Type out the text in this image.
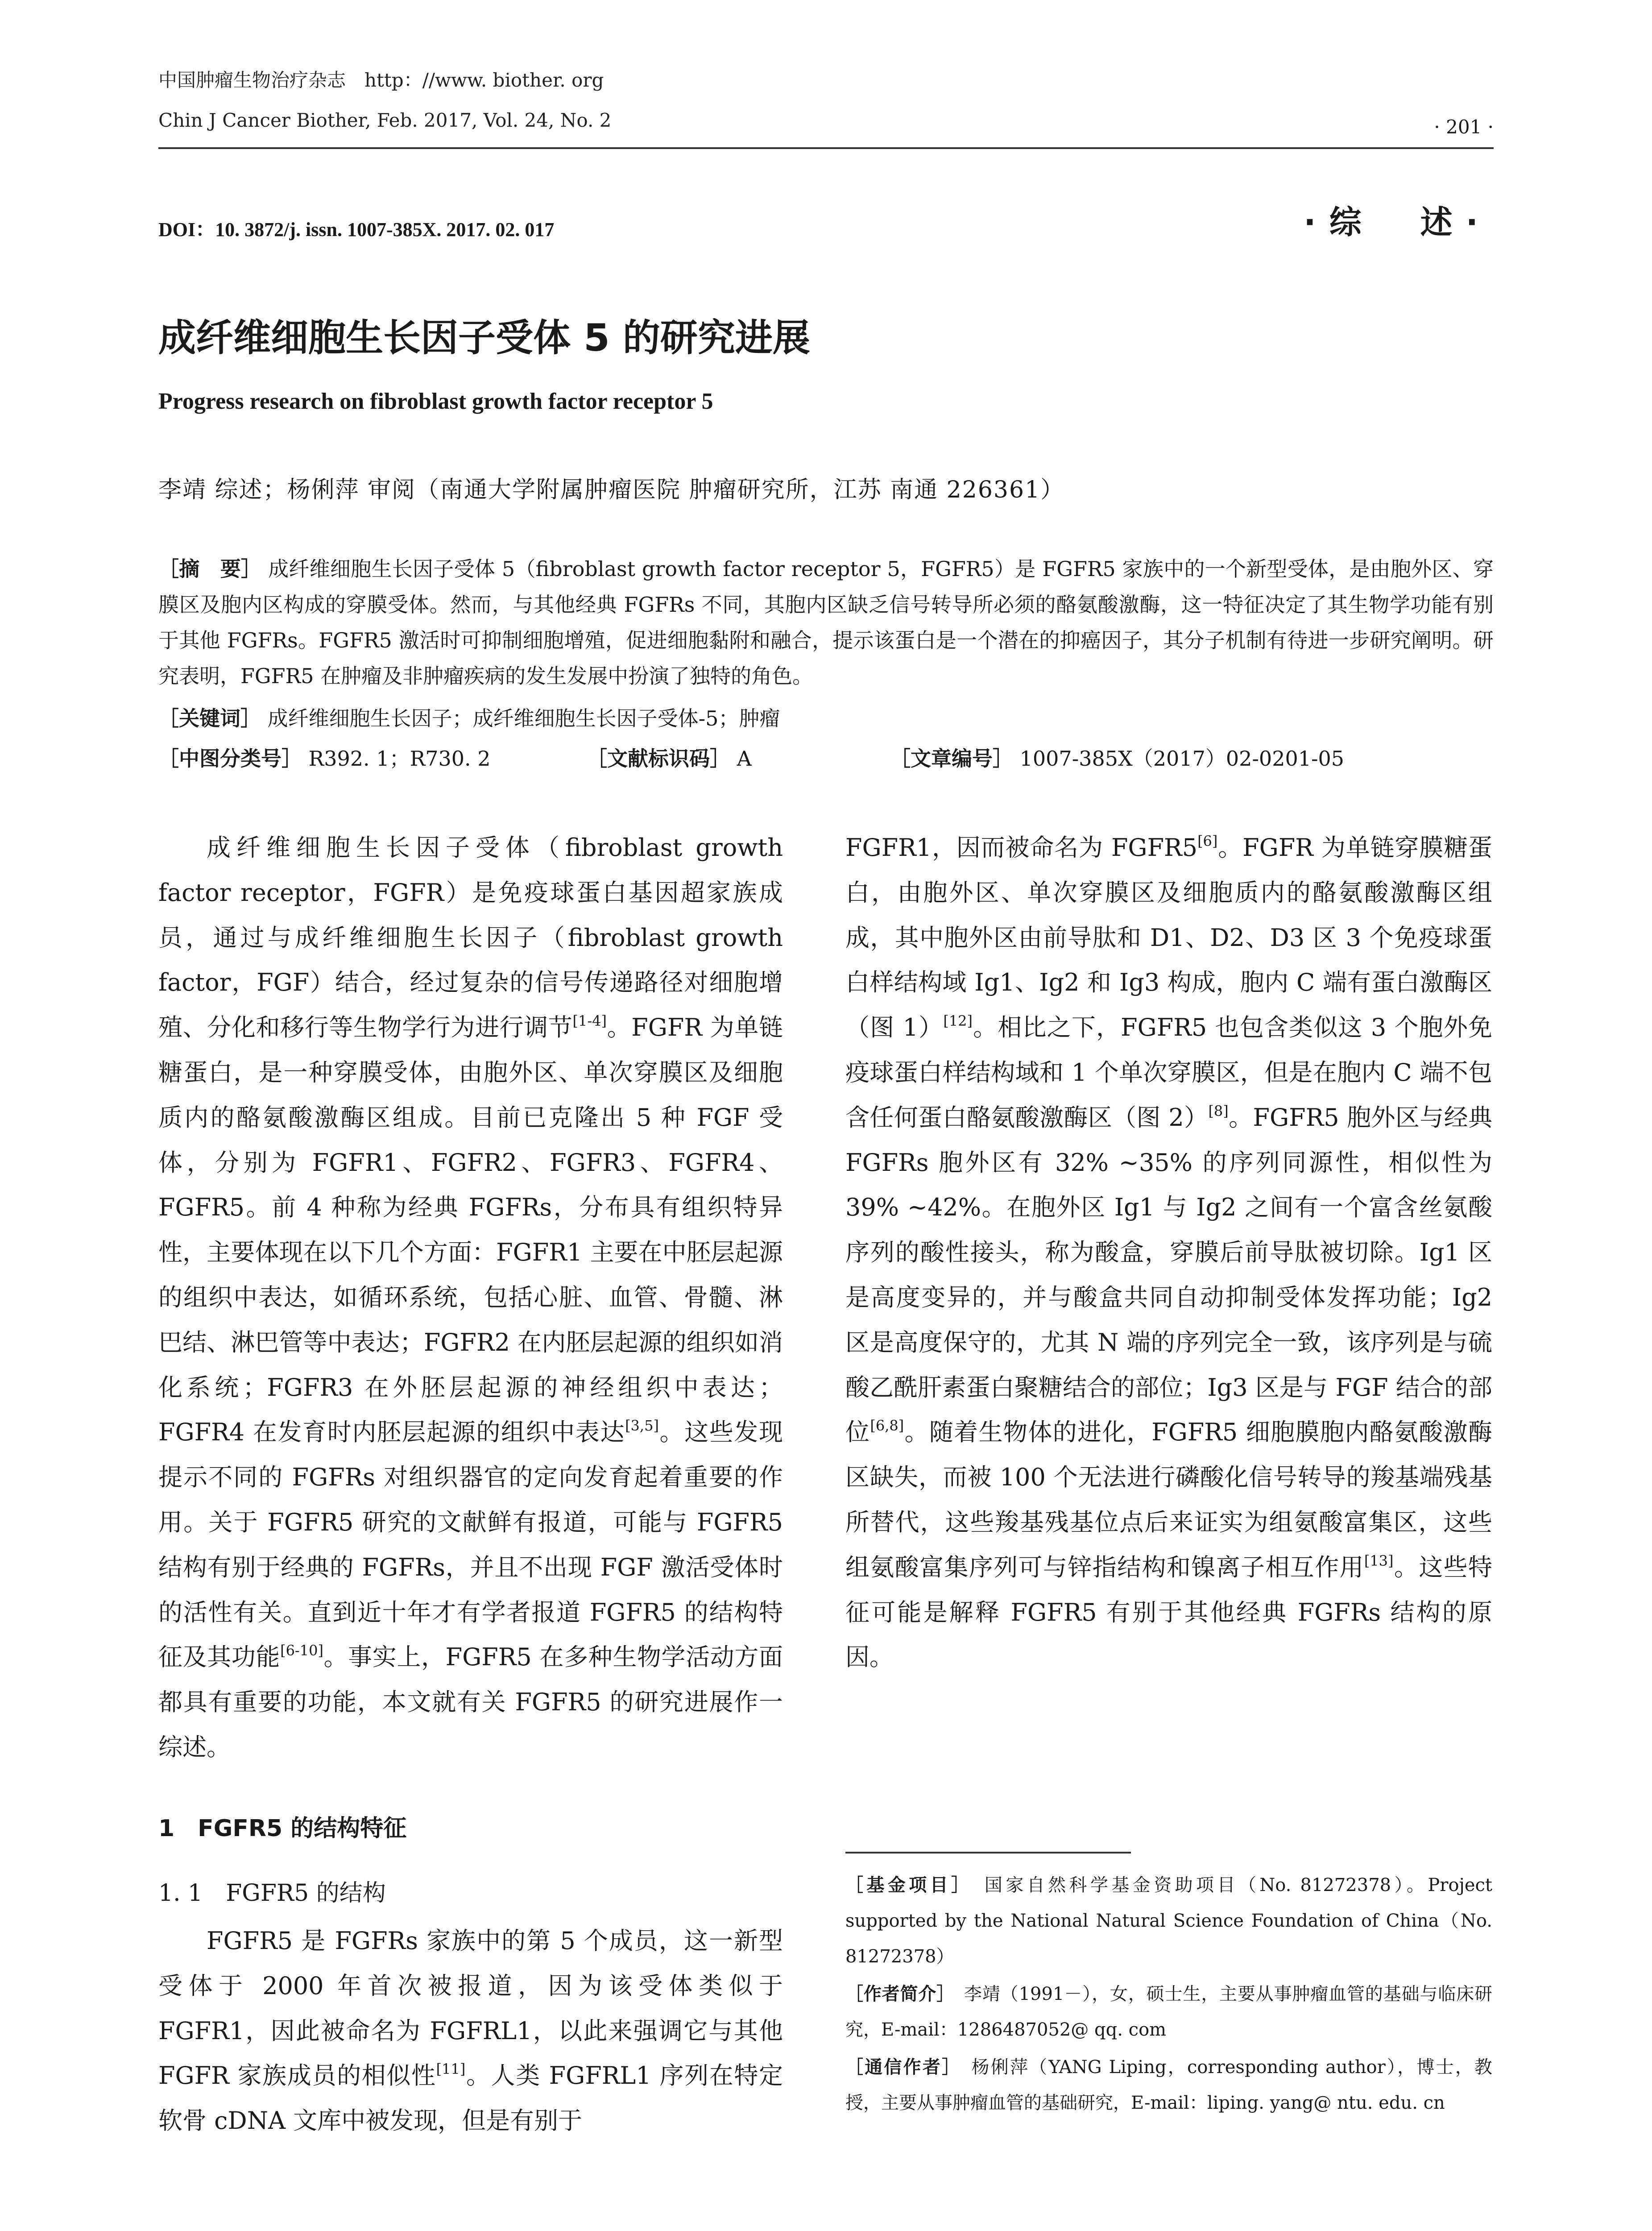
中国肿瘤生物治疗杂志　http：//www. biother. org
Chin J Cancer Biother, Feb. 2017, Vol. 24, No. 2	· 201 ·
DOI：10. 3872/j. issn. 1007-385X. 2017. 02. 017	·综　述·
成纤维细胞生长因子受体 5 的研究进展
Progress research on fibroblast growth factor receptor 5
李靖 综述；杨俐萍 审阅（南通大学附属肿瘤医院 肿瘤研究所，江苏 南通 226361）
［摘　要］ 成纤维细胞生长因子受体 5（fibroblast growth factor receptor 5，FGFR5）是 FGFR5 家族中的一个新型受体，是由胞外区、穿膜区及胞内区构成的穿膜受体。然而，与其他经典 FGFRs 不同，其胞内区缺乏信号转导所必须的酪氨酸激酶，这一特征决定了其生物学功能有别于其他 FGFRs。FGFR5 激活时可抑制细胞增殖，促进细胞黏附和融合，提示该蛋白是一个潜在的抑癌因子，其分子机制有待进一步研究阐明。研究表明，FGFR5 在肿瘤及非肿瘤疾病的发生发展中扮演了独特的角色。
［关键词］ 成纤维细胞生长因子；成纤维细胞生长因子受体-5；肿瘤
［中图分类号］ R392. 1；R730. 2	［文献标识码］ A	［文章编号］ 1007-385X（2017）02-0201-05

成纤维细胞生长因子受体（fibroblast growth factor receptor，FGFR）是免疫球蛋白基因超家族成员，通过与成纤维细胞生长因子（fibroblast growth factor，FGF）结合，经过复杂的信号传递路径对细胞增殖、分化和移行等生物学行为进行调节[1-4]。FGFR 为单链糖蛋白，是一种穿膜受体，由胞外区、单次穿膜区及细胞质内的酪氨酸激酶区组成。目前已克隆出 5 种 FGF 受体，分别为 FGFR1、FGFR2、FGFR3、FGFR4、FGFR5。前 4 种称为经典 FGFRs，分布具有组织特异性，主要体现在以下几个方面：FGFR1 主要在中胚层起源的组织中表达，如循环系统，包括心脏、血管、骨髓、淋巴结、淋巴管等中表达；FGFR2 在内胚层起源的组织如消化系统；FGFR3 在外胚层起源的神经组织中表达；FGFR4 在发育时内胚层起源的组织中表达[3,5]。这些发现提示不同的 FGFRs 对组织器官的定向发育起着重要的作用。关于 FGFR5 研究的文献鲜有报道，可能与 FGFR5 结构有别于经典的 FGFRs，并且不出现 FGF 激活受体时的活性有关。直到近十年才有学者报道 FGFR5 的结构特征及其功能[6-10]。事实上，FGFR5 在多种生物学活动方面都具有重要的功能，本文就有关 FGFR5 的研究进展作一综述。

1　FGFR5 的结构特征
1. 1　FGFR5 的结构

FGFR5 是 FGFRs 家族中的第 5 个成员，这一新型受体于 2000 年首次被报道，因为该受体类似于 FGFR1，因此被命名为 FGFRL1，以此来强调它与其他 FGFR 家族成员的相似性[11]。人类 FGFRL1 序列在特定软骨 cDNA 文库中被发现，但是有别于

FGFR1，因而被命名为 FGFR5[6]。FGFR 为单链穿膜糖蛋白，由胞外区、单次穿膜区及细胞质内的酪氨酸激酶区组成，其中胞外区由前导肽和 D1、D2、D3 区 3 个免疫球蛋白样结构域 Ig1、Ig2 和 Ig3 构成，胞内 C 端有蛋白激酶区（图 1）[12]。相比之下，FGFR5 也包含类似这 3 个胞外免疫球蛋白样结构域和 1 个单次穿膜区，但是在胞内 C 端不包含任何蛋白酪氨酸激酶区（图 2）[8]。FGFR5 胞外区与经典 FGFRs 胞外区有 32% ~35% 的序列同源性，相似性为 39% ~42%。在胞外区 Ig1 与 Ig2 之间有一个富含丝氨酸序列的酸性接头，称为酸盒，穿膜后前导肽被切除。Ig1 区是高度变异的，并与酸盒共同自动抑制受体发挥功能；Ig2 区是高度保守的，尤其 N 端的序列完全一致，该序列是与硫酸乙酰肝素蛋白聚糖结合的部位；Ig3 区是与 FGF 结合的部位[6,8]。随着生物体的进化，FGFR5 细胞膜胞内酪氨酸激酶区缺失，而被 100 个无法进行磷酸化信号转导的羧基端残基所替代，这些羧基残基位点后来证实为组氨酸富集区，这些组氨酸富集序列可与锌指结构和镍离子相互作用[13]。这些特征可能是解释 FGFR5 有别于其他经典 FGFRs 结构的原因。

［基金项目］　 国家自然科学基金资助项目（No. 81272378）。Project supported by the National Natural Science Foundation of China（No. 81272378）

［作者简介］　 李靖（1991－），女，硕士生，主要从事肿瘤血管的基础与临床研究，E-mail：1286487052@ qq. com

［通信作者］　 杨俐萍（YANG Liping，corresponding author），博士，教授，主要从事肿瘤血管的基础研究，E-mail：liping. yang@ ntu. edu. cn
